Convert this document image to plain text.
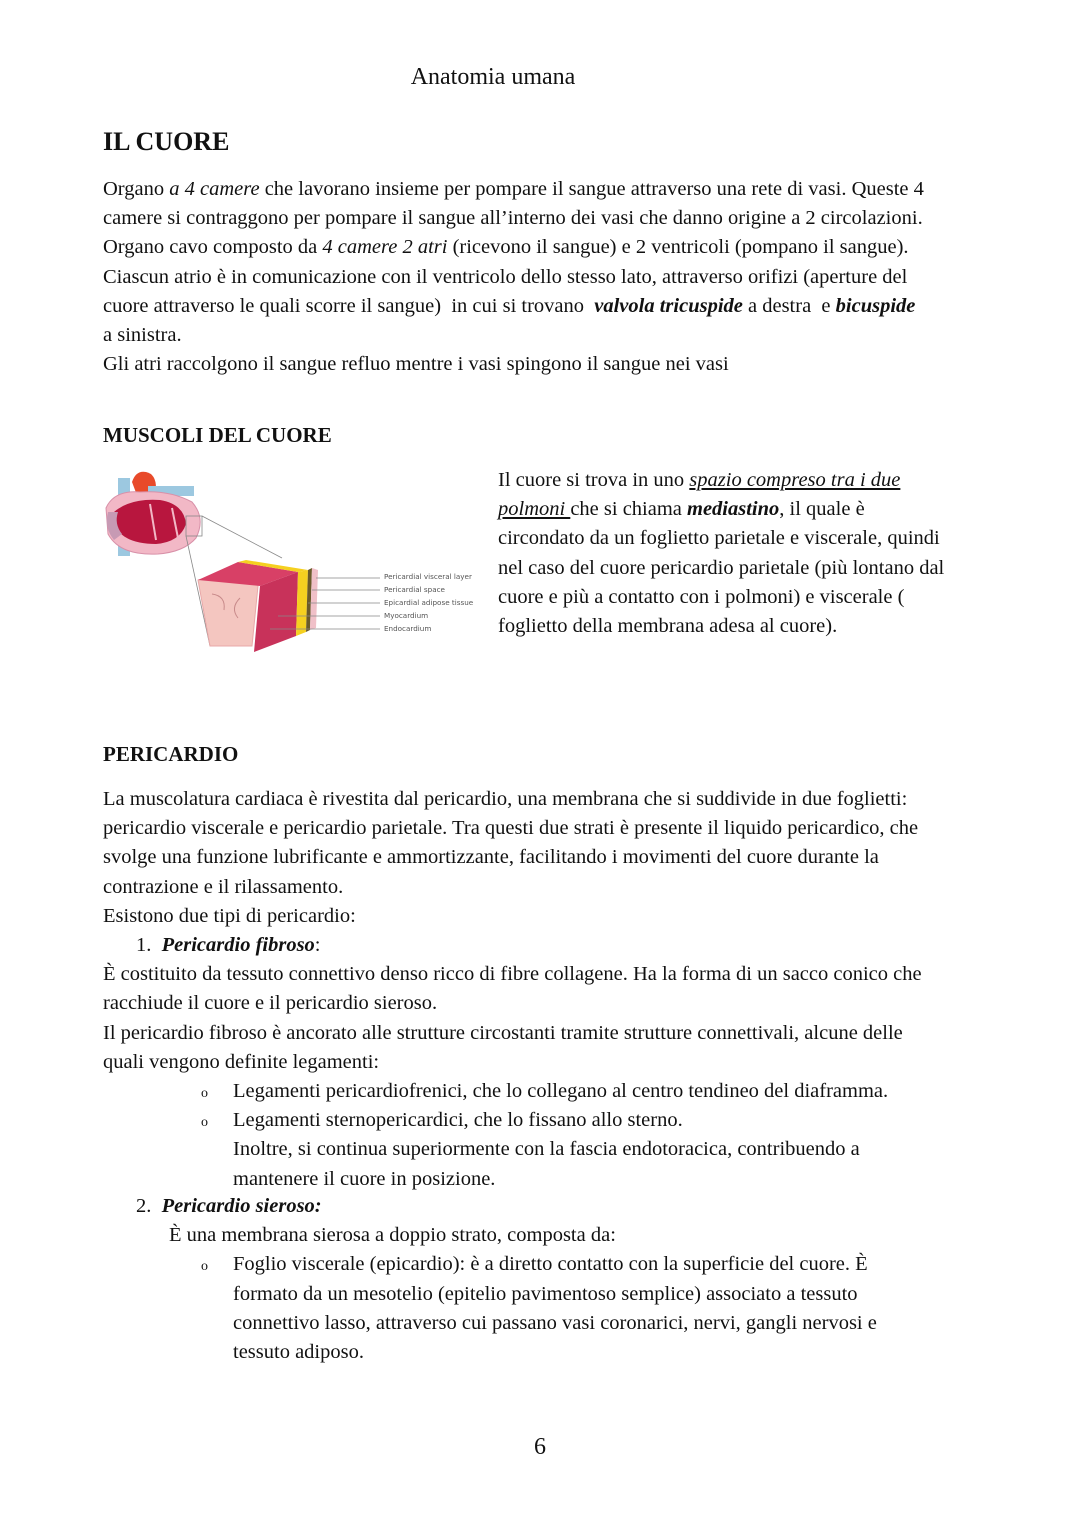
Anatomia umana
IL CUORE
Organo a 4 camere che lavorano insieme per pompare il sangue attraverso una rete di vasi. Queste 4
camere si contraggono per pompare il sangue all’interno dei vasi che danno origine a 2 circolazioni.
Organo cavo composto da 4 camere 2 atri (ricevono il sangue) e 2 ventricoli (pompano il sangue).
Ciascun atrio è in comunicazione con il ventricolo dello stesso lato, attraverso orifizi (aperture del
cuore attraverso le quali scorre il sangue)  in cui si trovano  valvola tricuspide a destra  e bicuspide
a sinistra.
Gli atri raccolgono il sangue refluo mentre i vasi spingono il sangue nei vasi
MUSCOLI DEL CUORE
Pericardial visceral layer
Pericardial space
Epicardial adipose tissue
Myocardium
Endocardium
Il cuore si trova in uno spazio compreso tra i due
polmoni che si chiama mediastino, il quale è
circondato da un foglietto parietale e viscerale, quindi
nel caso del cuore pericardio parietale (più lontano dal
cuore e più a contatto con i polmoni) e viscerale (
foglietto della membrana adesa al cuore).
PERICARDIO
La muscolatura cardiaca è rivestita dal pericardio, una membrana che si suddivide in due foglietti:
pericardio viscerale e pericardio parietale. Tra questi due strati è presente il liquido pericardico, che
svolge una funzione lubrificante e ammortizzante, facilitando i movimenti del cuore durante la
contrazione e il rilassamento.
Esistono due tipi di pericardio:
1. Pericardio fibroso:
È costituito da tessuto connettivo denso ricco di fibre collagene. Ha la forma di un sacco conico che
racchiude il cuore e il pericardio sieroso.
Il pericardio fibroso è ancorato alle strutture circostanti tramite strutture connettivali, alcune delle
quali vengono definite legamenti:
o Legamenti pericardiofrenici, che lo collegano al centro tendineo del diaframma.
o Legamenti sternopericardici, che lo fissano allo sterno.
Inoltre, si continua superiormente con la fascia endotoracica, contribuendo a
mantenere il cuore in posizione.
2. Pericardio sieroso:
È una membrana sierosa a doppio strato, composta da:
o Foglio viscerale (epicardio): è a diretto contatto con la superficie del cuore. È
formato da un mesotelio (epitelio pavimentoso semplice) associato a tessuto
connettivo lasso, attraverso cui passano vasi coronarici, nervi, gangli nervosi e
tessuto adiposo.
6
